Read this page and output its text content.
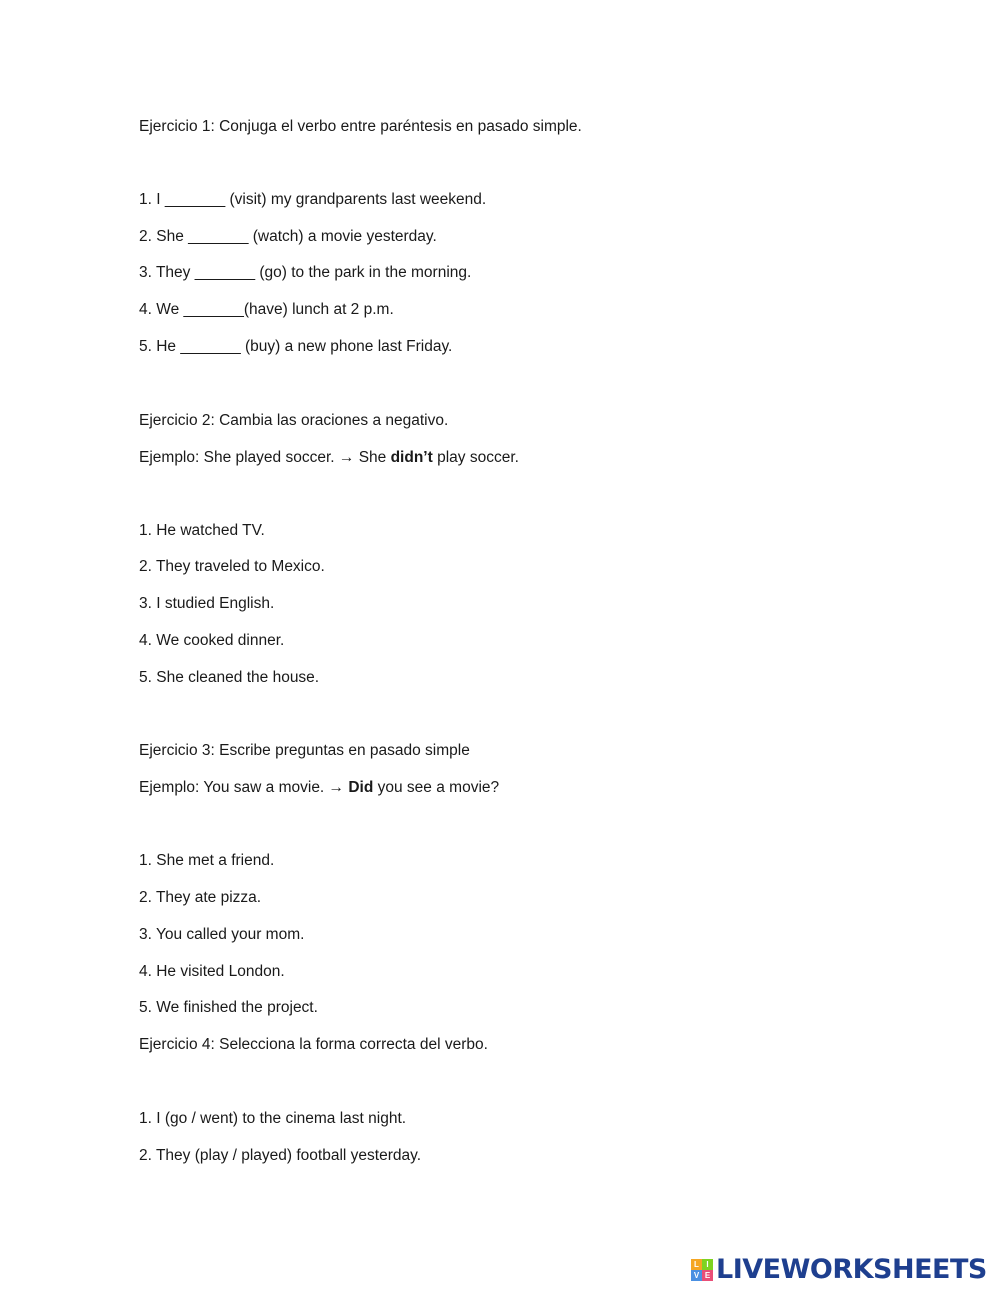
Ejercicio 1: Conjuga el verbo entre paréntesis en pasado simple.

1. I _______ (visit) my grandparents last weekend.

2. She _______ (watch) a movie yesterday.

3. They _______ (go) to the park in the morning.

4. We _______(have) lunch at 2 p.m.

5. He _______ (buy) a new phone last Friday.

Ejercicio 2: Cambia las oraciones a negativo.

Ejemplo: She played soccer. → She didn’t play soccer.

1. He watched TV.

2. They traveled to Mexico.

3. I studied English.

4. We cooked dinner.

5. She cleaned the house.

Ejercicio 3: Escribe preguntas en pasado simple

Ejemplo: You saw a movie. → Did you see a movie?

1. She met a friend.

2. They ate pizza.

3. You called your mom.

4. He visited London.

5. We finished the project.

Ejercicio 4: Selecciona la forma correcta del verbo.

1. I (go / went) to the cinema last night.

2. They (play / played) football yesterday.

L I
V E LIVEWORKSHEETS
